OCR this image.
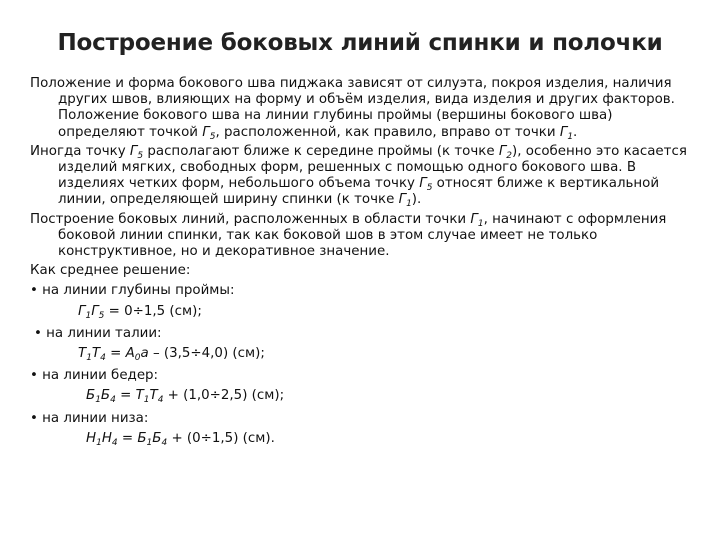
Построение боковых линий спинки и полочки

Положение и форма бокового шва пиджака зависят от силуэта, покроя изделия, наличия других швов, влияющих на форму и объём изделия, вида изделия и других факторов. Положение бокового шва на линии глубины проймы (вершины бокового шва) определяют точкой $Г_5$, расположенной, как правило, вправо от точки $Г_1$.

Иногда точку $Г_5$ располагают ближе к середине проймы (к точке $Г_2$), особенно это касается изделий мягких, свободных форм, решенных с помощью одного бокового шва. В изделиях четких форм, небольшого объема точку $Г_5$ относят ближе к вертикальной линии, определяющей ширину спинки (к точке $Г_1$).

Построение боковых линий, расположенных в области точки $Г_1$, начинают с оформления боковой линии спинки, так как боковой шов в этом случае имеет не только конструктивное, но и декоративное значение.

Как среднее решение:

• на линии глубины проймы:
$Г_1Г_5 = 0\div 1,5$ (см);
• на линии талии:
$Т_1Т_4 = А_0а - (3,5\div 4,0)$ (см);
• на линии бедер:
$Б_1Б_4 = Т_1Т_4 + (1,0\div 2,5)$ (см);
• на линии низа:
$Н_1Н_4 = Б_1Б_4 + (0\div 1,5)$ (см).
